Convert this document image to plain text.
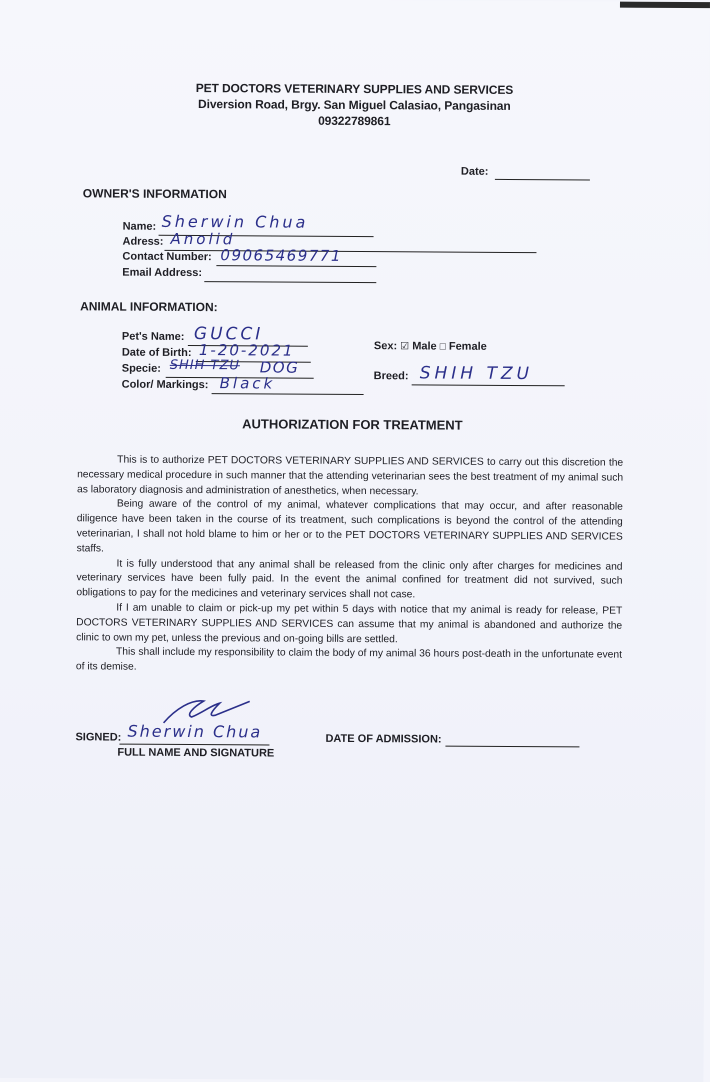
PET DOCTORS VETERINARY SUPPLIES AND SERVICES
Diversion Road, Brgy. San Miguel Calasiao, Pangasinan
09322789861
Date:
OWNER'S INFORMATION
Name: Sherwin Chua
Adress: Anolid
Contact Number: 09065469771
Email Address:
ANIMAL INFORMATION:
Pet's Name: GUCCI
Date of Birth: 1-20-2021
Specie: SHIH TZU DOG
Color/ Markings: Black
Sex: ☑ Male □ Female
Breed: SHIH TZU
AUTHORIZATION FOR TREATMENT

This is to authorize PET DOCTORS VETERINARY SUPPLIES AND SERVICES to carry out this discretion the necessary medical procedure in such manner that the attending veterinarian sees the best treatment of my animal such as laboratory diagnosis and administration of anesthetics, when necessary.

Being aware of the control of my animal, whatever complications that may occur, and after reasonable diligence have been taken in the course of its treatment, such complications is beyond the control of the attending veterinarian, I shall not hold blame to him or her or to the PET DOCTORS VETERINARY SUPPLIES AND SERVICES staffs.

It is fully understood that any animal shall be released from the clinic only after charges for medicines and veterinary services have been fully paid. In the event the animal confined for treatment did not survived, such obligations to pay for the medicines and veterinary services shall not case.

If I am unable to claim or pick-up my pet within 5 days with notice that my animal is ready for release, PET DOCTORS VETERINARY SUPPLIES AND SERVICES can assume that my animal is abandoned and authorize the clinic to own my pet, unless the previous and on-going bills are settled.

This shall include my responsibility to claim the body of my animal 36 hours post-death in the unfortunate event of its demise.

SIGNED: Sherwin Chua
FULL NAME AND SIGNATURE
DATE OF ADMISSION:
